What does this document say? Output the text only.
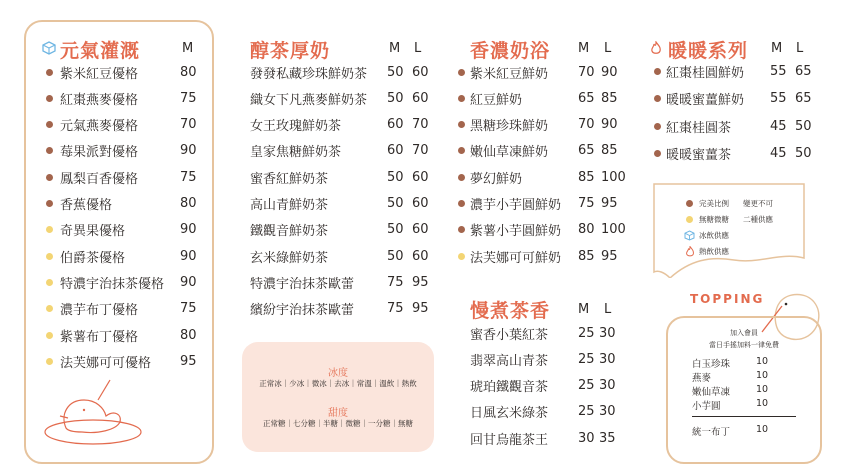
元氣灌溉	M
紫米紅豆優格	80
紅棗燕麥優格	75
元氣燕麥優格	70
莓果派對優格	90
鳳梨百香優格	75
香蕉優格	80
奇異果優格	90
伯爵茶優格	90
特濃宇治抹茶優格 90
濃芋布丁優格	75
紫薯布丁優格	80
法芙娜可可優格 95
醇茶厚奶	M L
發發私藏珍珠鮮奶茶 50 60
織女下凡燕麥鮮奶茶 50 60
女王玫瑰鮮奶茶	60 70
皇家焦糖鮮奶茶	60 70
蜜香紅鮮奶茶	50 60
高山青鮮奶茶	50 60
鐵觀音鮮奶茶	50 60
玄米綠鮮奶茶	50 60
特濃宇治抹茶歐蕾	75 95
繽紛宇治抹茶歐蕾	75 95
冰度
正常冰｜少冰｜微冰｜去冰｜常溫｜溫飲｜熱飲
甜度
正常糖｜七分糖｜半糖｜微糖｜一分糖｜無糖
香濃奶浴 M L
紫米紅豆鮮奶 70 90
紅豆鮮奶	65 85
黑糖珍珠鮮奶 70 90
嫩仙草凍鮮奶 65 85
夢幻鮮奶	85 100
濃芋小芋圓鮮奶 75 95
紫薯小芋圓鮮奶 80 100
法芙娜可可鮮奶 85 95
慢煮茶香 M L
蜜香小葉紅茶 25 30
翡翠高山青茶 25 30
琥珀鐵觀音茶 25 30
日風玄米綠茶 25 30
回甘烏龍茶王 30 35
暖暖系列 M L
紅棗桂圓鮮奶 55 65
暖暖蜜薑鮮奶 55 65
紅棗桂圓茶	45 50
暖暖蜜薑茶	45 50
完美比例 變更不可
無糖微糖 二種供應
冰飲供應
熱飲供應
TOPPING
加入會員
當日手搖加料一律免費
白玉珍珠	10
燕麥	10
嫩仙草凍	10
小芋圓	10
統一布丁	10
